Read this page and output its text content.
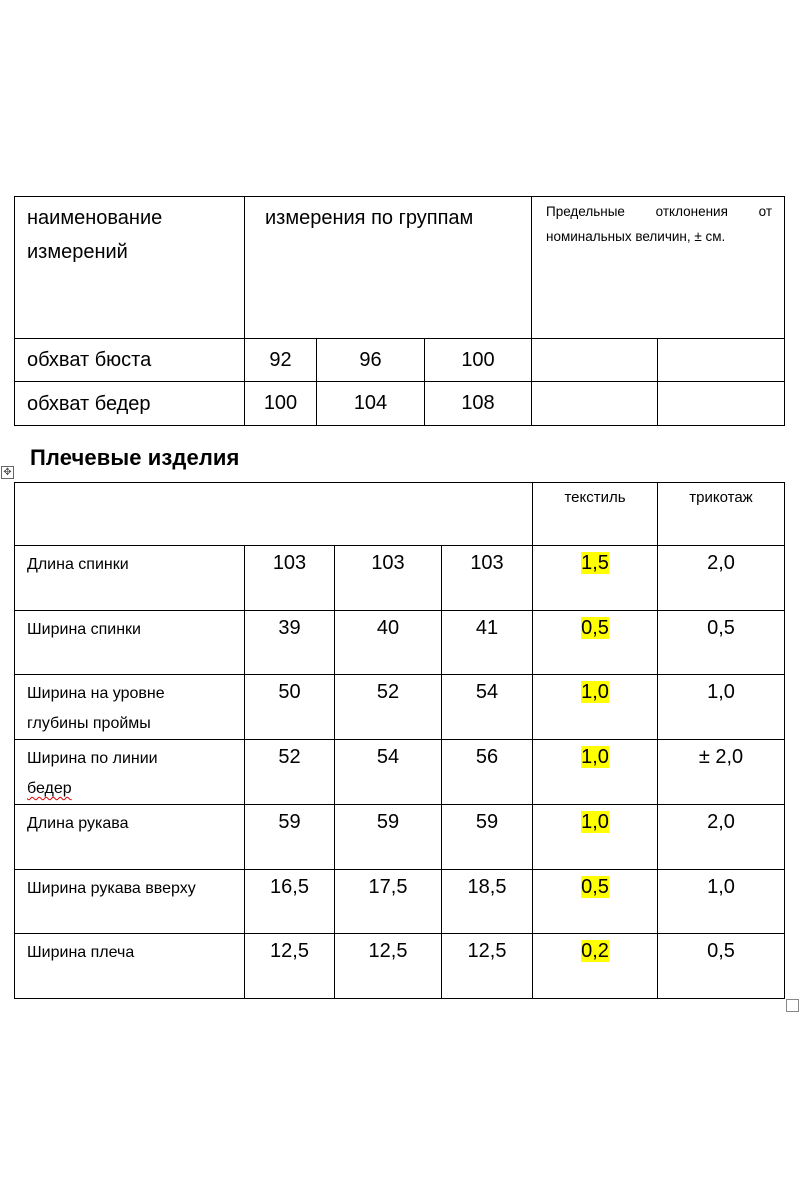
наименование измерений	измерения по группам			Предельные отклонения от номинальных величин, ± см.	
обхват бюста	92	96	100		
обхват бедер	100	104	108		
Плечевые изделия
✥
				текстиль	трикотаж
Длина спинки	103	103	103	1,5	2,0
Ширина спинки	39	40	41	0,5	0,5
Ширина на уровне
глубины проймы	50	52	54	1,0	1,0
Ширина по линии
бедер	52	54	56	1,0	± 2,0
Длина рукава	59	59	59	1,0	2,0
Ширина рукава вверху	16,5	17,5	18,5	0,5	1,0
Ширина плеча	12,5	12,5	12,5	0,2	0,5
